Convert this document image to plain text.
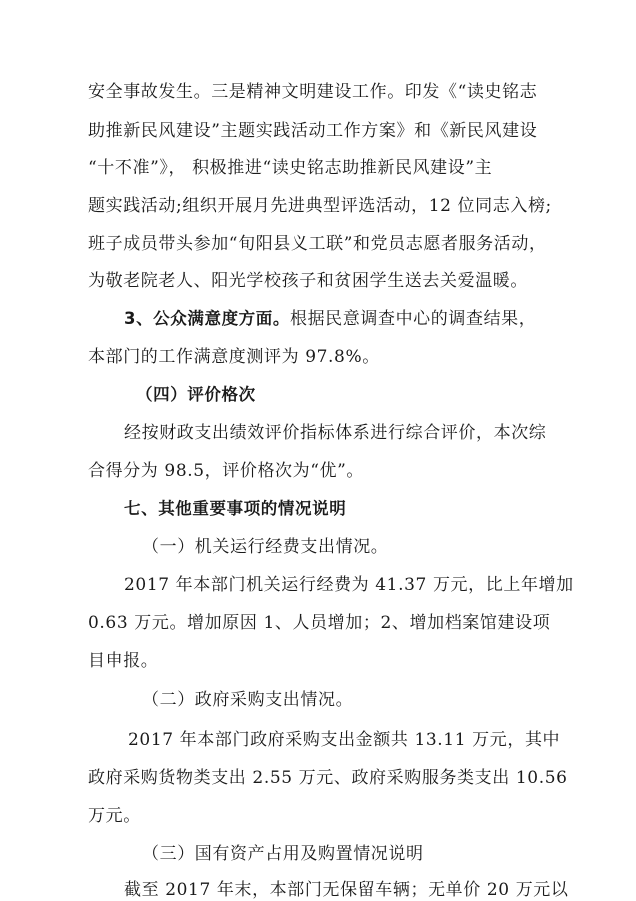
安全事故发生。三是精神文明建设工作。印发《“读史铭志
助推新民风建设”主题实践活动工作方案》和《新民风建设
“十不准”》， 积极推进“读史铭志助推新民风建设”主
题实践活动;组织开展月先进典型评选活动，12 位同志入榜;
班子成员带头参加“旬阳县义工联”和党员志愿者服务活动，
为敬老院老人、阳光学校孩子和贫困学生送去关爱温暖。
3、公众满意度方面。根据民意调查中心的调查结果，
本部门的工作满意度测评为 97.8%。
（四）评价格次
经按财政支出绩效评价指标体系进行综合评价，本次综
合得分为 98.5，评价格次为“优”。
七、其他重要事项的情况说明
（一）机关运行经费支出情况。
2017 年本部门机关运行经费为 41.37 万元，比上年增加
0.63 万元。增加原因 1、人员增加；2、增加档案馆建设项
目申报。
（二）政府采购支出情况。
2017 年本部门政府采购支出金额共 13.11 万元，其中
政府采购货物类支出 2.55 万元、政府采购服务类支出 10.56
万元。
（三）国有资产占用及购置情况说明
截至 2017 年末，本部门无保留车辆；无单价 20 万元以
